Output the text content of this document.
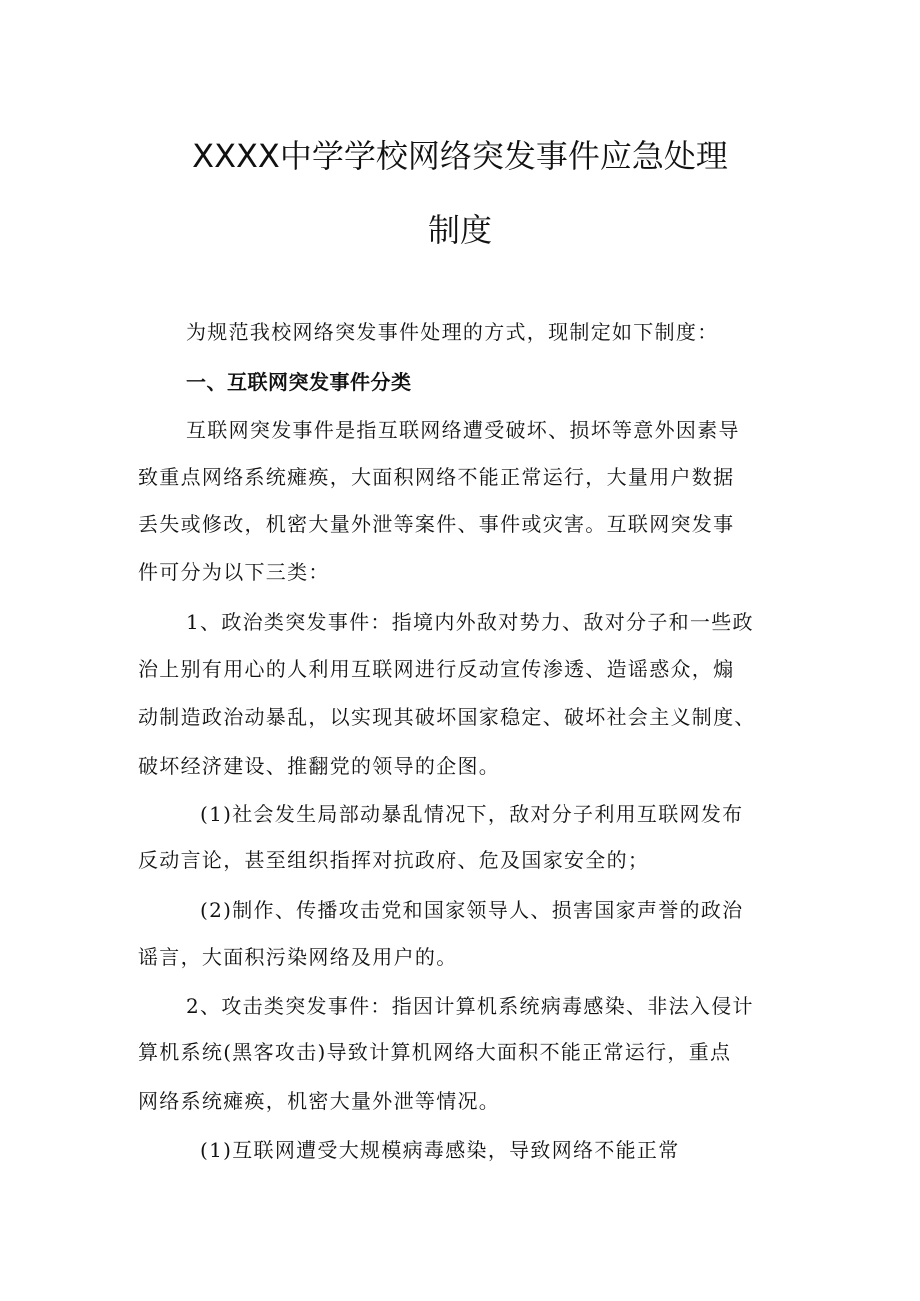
XXXX中学学校网络突发事件应急处理
制度
为规范我校网络突发事件处理的方式，现制定如下制度：
一、互联网突发事件分类
互联网突发事件是指互联网络遭受破坏、损坏等意外因素导
致重点网络系统瘫痪，大面积网络不能正常运行，大量用户数据
丢失或修改，机密大量外泄等案件、事件或灾害。互联网突发事
件可分为以下三类：
1、政治类突发事件：指境内外敌对势力、敌对分子和一些政
治上别有用心的人利用互联网进行反动宣传渗透、造谣惑众，煽
动制造政治动暴乱，以实现其破坏国家稳定、破坏社会主义制度、
破坏经济建设、推翻党的领导的企图。
(1)社会发生局部动暴乱情况下，敌对分子利用互联网发布
反动言论，甚至组织指挥对抗政府、危及国家安全的；
(2)制作、传播攻击党和国家领导人、损害国家声誉的政治
谣言，大面积污染网络及用户的。
2、攻击类突发事件：指因计算机系统病毒感染、非法入侵计
算机系统(黑客攻击)导致计算机网络大面积不能正常运行，重点
网络系统瘫痪，机密大量外泄等情况。
(1)互联网遭受大规模病毒感染，导致网络不能正常
